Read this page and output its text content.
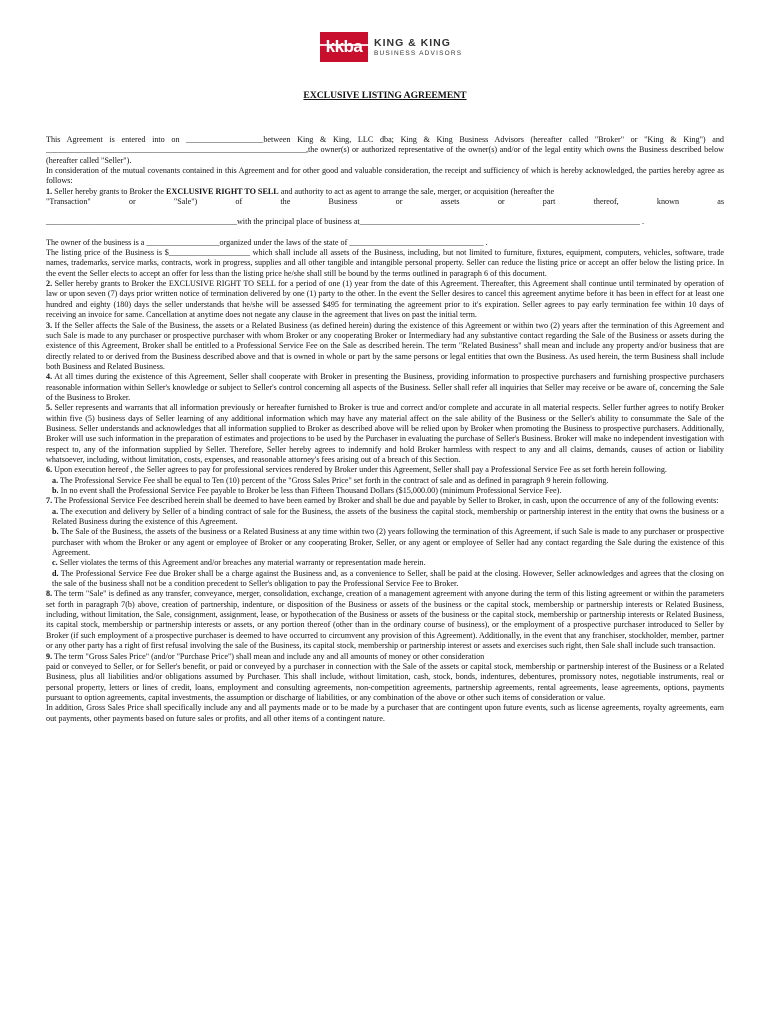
kkba KING & KING
BUSINESS ADVISORS
EXCLUSIVE LISTING AGREEMENT

This Agreement is entered into on ___________________between King & King, LLC dba; King & King Business Advisors (hereafter called "Broker" or "King & King") and ________________________________________________________________,the owner(s) or authorized representative of the owner(s) and/or of the legal entity which owns the Business described below (hereafter called "Seller").

In consideration of the mutual covenants contained in this Agreement and for other good and valuable consideration, the receipt and sufficiency of which is hereby acknowledged, the parties hereby agree as follows:

1. Seller hereby grants to Broker the EXCLUSIVE RIGHT TO SELL and authority to act as agent to arrange the sale, merger, or acquisition (hereafter the

"Transaction"	or	"Sale")	of	the	Business	or	assets	or	part	thereof,	known	as

_______________________________________________with the principal place of business at_____________________________________________________________________ .

The owner of the business is a __________________organized under the laws of the state of _________________________________ .

The listing price of the Business is $____________________ which shall include all assets of the Business, including, but not limited to furniture, fixtures, equipment, computers, vehicles, software, trade names, trademarks, service marks, contracts, work in progress, supplies and all other tangible and intangible personal property. Seller can reduce the listing price or accept an offer below the listing price. In the event the Seller elects to accept an offer for less than the listing price he/she shall still be bound by the terms outlined in paragraph 6 of this document.

2. Seller hereby grants to Broker the EXCLUSIVE RIGHT TO SELL for a period of one (1) year from the date of this Agreement. Thereafter, this Agreement shall continue until terminated by operation of law or upon seven (7) days prior written notice of termination delivered by one (1) party to the other. In the event the Seller desires to cancel this agreement anytime before it has been in effect for at least one hundred and eighty (180) days the seller understands that he/she will be assessed $495 for terminating the agreement prior to it's expiration. Seller agrees to pay early termination fee within 10 days of receiving an invoice for same. Cancellation at anytime does not negate any clause in the agreement that lives on past the initial term.

3. If the Seller affects the Sale of the Business, the assets or a Related Business (as defined herein) during the existence of this Agreement or within two (2) years after the termination of this Agreement and such Sale is made to any purchaser or prospective purchaser with whom Broker or any cooperating Broker or Intermediary had any substantive contact regarding the Sale of the Business or assets during the existence of this Agreement, Broker shall be entitled to a Professional Service Fee on the Sale as described herein. The term "Related Business" shall mean and include any property and/or business that are directly related to or derived from the Business described above and that is owned in whole or part by the same persons or legal entities that own the Business. As used herein, the term Business shall include both Business and Related Business.

4. At all times during the existence of this Agreement, Seller shall cooperate with Broker in presenting the Business, providing information to prospective purchasers and furnishing prospective purchasers reasonable information within Seller's knowledge or subject to Seller's control concerning all aspects of the Business. Seller shall refer all inquiries that Seller may receive or be aware of, concerning the Sale of the Business to Broker.

5. Seller represents and warrants that all information previously or hereafter furnished to Broker is true and correct and/or complete and accurate in all material respects. Seller further agrees to notify Broker within five (5) business days of Seller learning of any additional information which may have any material affect on the sale ability of the Business or the Seller's ability to consummate the Sale of the Business. Seller understands and acknowledges that all information supplied to Broker as described above will be relied upon by Broker when promoting the Business to prospective purchasers. Additionally, Broker will use such information in the preparation of estimates and projections to be used by the Purchaser in evaluating the purchase of Seller's Business. Broker will make no independent investigation with respect to, any of the information supplied by Seller. Therefore, Seller hereby agrees to indemnify and hold Broker harmless with respect to any and all claims, demands, causes of action or liability whatsoever, including, without limitation, costs, expenses, and reasonable attorney's fees arising out of a breach of this Section.

6. Upon execution hereof , the Seller agrees to pay for professional services rendered by Broker under this Agreement, Seller shall pay a Professional Service Fee as set forth herein following.

a. The Professional Service Fee shall be equal to Ten (10) percent of the "Gross Sales Price" set forth in the contract of sale and as defined in paragraph 9 herein following.

b. In no event shall the Professional Service Fee payable to Broker be less than Fifteen Thousand Dollars ($15,000.00) (minimum Professional Service Fee).

7. The Professional Service Fee described herein shall be deemed to have been earned by Broker and shall be due and payable by Seller to Broker, in cash, upon the occurrence of any of the following events:

a. The execution and delivery by Seller of a binding contract of sale for the Business, the assets of the business the capital stock, membership or partnership interest in the entity that owns the business or a Related Business during the existence of this Agreement.

b. The Sale of the Business, the assets of the business or a Related Business at any time within two (2) years following the termination of this Agreement, if such Sale is made to any purchaser or prospective purchaser with whom the Broker or any agent or employee of Broker or any cooperating Broker, Seller, or any agent or employee of Seller had any contact regarding the Sale during the existence of this Agreement.

c. Seller violates the terms of this Agreement and/or breaches any material warranty or representation made herein.

d. The Professional Service Fee due Broker shall be a charge against the Business and, as a convenience to Seller, shall be paid at the closing. However, Seller acknowledges and agrees that the closing on the sale of the business shall not be a condition precedent to Seller's obligation to pay the Professional Service Fee to Broker.

8. The term "Sale" is defined as any transfer, conveyance, merger, consolidation, exchange, creation of a management agreement with anyone during the term of this listing agreement or within the parameters set forth in paragraph 7(b) above, creation of partnership, indenture, or disposition of the Business or assets of the business or the capital stock, membership or partnership interests or Related Business, including, without limitation, the Sale, consignment, assignment, lease, or hypothecation of the Business or assets of the business or the capital stock, membership or partnership interests or Related Business, its capital stock, membership or partnership interests or assets, or any portion thereof (other than in the ordinary course of business), or the employment of a prospective purchaser introduced to Seller by Broker (if such employment of a prospective purchaser is deemed to have occurred to circumvent any provision of this Agreement). Additionally, in the event that any franchiser, stockholder, member, partner or any other party has a right of first refusal involving the sale of the Business, its capital stock, membership or partnership interest or assets and exercises such right, then Sale shall include such transaction.

9. The term "Gross Sales Price" (and/or "Purchase Price") shall mean and include any and all amounts of money or other consideration

paid or conveyed to Seller, or for Seller's benefit, or paid or conveyed by a purchaser in connection with the Sale of the assets or capital stock, membership or partnership interest of the Business or a Related Business, plus all liabilities and/or obligations assumed by Purchaser. This shall include, without limitation, cash, stock, bonds, indentures, debentures, promissory notes, negotiable instruments, real or personal property, letters or lines of credit, loans, employment and consulting agreements, non-competition agreements, partnership agreements, rental agreements, lease agreements, options, payments pursuant to option agreements, capital investments, the assumption or discharge of liabilities, or any combination of the above or other such items of consideration or value.

In addition, Gross Sales Price shall specifically include any and all payments made or to be made by a purchaser that are contingent upon future events, such as license agreements, royalty agreements, earn out payments, other payments based on future sales or profits, and all other items of a contingent nature.
